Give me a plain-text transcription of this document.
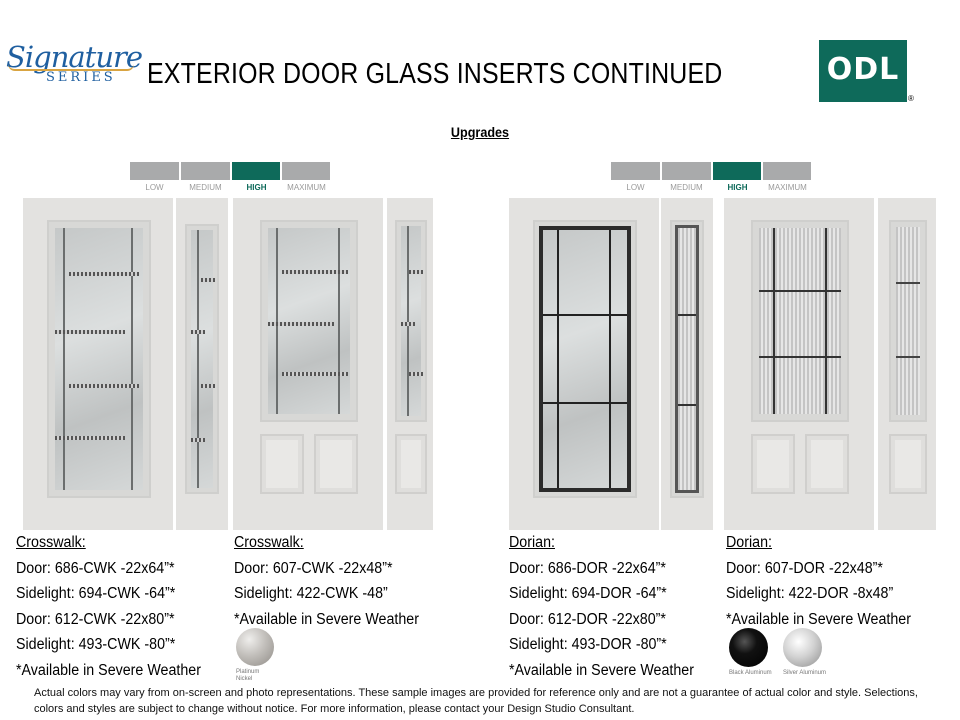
Signature
SERIES EXTERIOR DOOR GLASS INSERTS CONTINUED	ODL
®
Upgrades
LOW	MEDIUM	HIGH	MAXIMUM	LOW	MEDIUM	HIGH	MAXIMUM
Crosswalk:
Door: 686-CWK -22x64”*
Sidelight: 694-CWK -64”*
Door: 612-CWK -22x80”*
Sidelight: 493-CWK -80”*
*Available in Severe Weather
Crosswalk:
Door: 607-CWK -22x48”*
Sidelight: 422-CWK -48”
*Available in Severe Weather
Platinum Nickel
Dorian:
Door: 686-DOR -22x64”*
Sidelight: 694-DOR -64”*
Door: 612-DOR -22x80”*
Sidelight: 493-DOR -80”*
*Available in Severe Weather
Dorian:
Door: 607-DOR -22x48”*
Sidelight: 422-DOR -8x48”
*Available in Severe Weather
Black Aluminum Silver Aluminum
Actual colors may vary from on-screen and photo representations. These sample images are provided for reference only and are not a guarantee of actual color and style. Selections, colors and styles are subject to change without notice. For more information, please contact your Design Studio Consultant.
